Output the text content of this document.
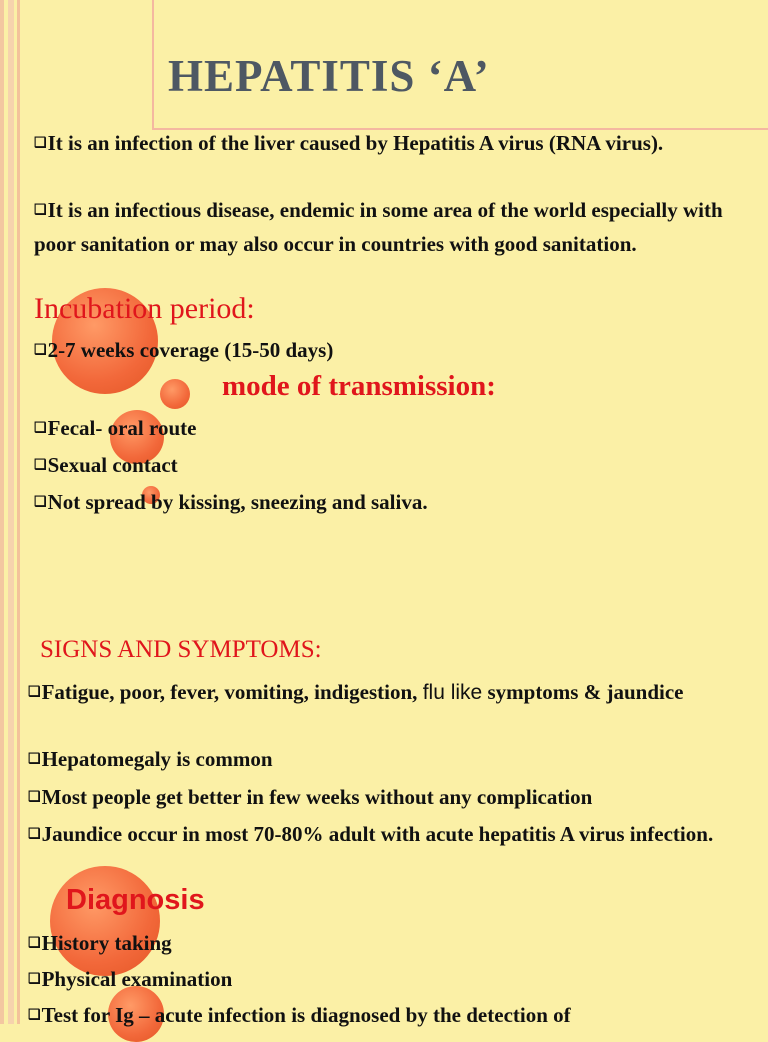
HEPATITIS ‘A’

❏It is an infection of the liver caused by Hepatitis A virus (RNA virus).

❏It is an infectious disease, endemic in some area of the world especially with poor sanitation or may also occur in countries with good sanitation.

Incubation period:

❏2-7 weeks coverage (15-50 days)

mode of transmission:

❏Fecal- oral route

❏Sexual contact

❏Not spread by kissing, sneezing and saliva.

SIGNS AND SYMPTOMS:

❏Fatigue, poor, fever, vomiting, indigestion, flu like symptoms & jaundice

❏Hepatomegaly is common

❏Most people get better in few weeks without any complication

❏Jaundice occur in most 70-80% adult with acute hepatitis A virus infection.

Diagnosis

❏History taking

❏Physical examination

❏Test for Ig – acute infection is diagnosed by the detection of
